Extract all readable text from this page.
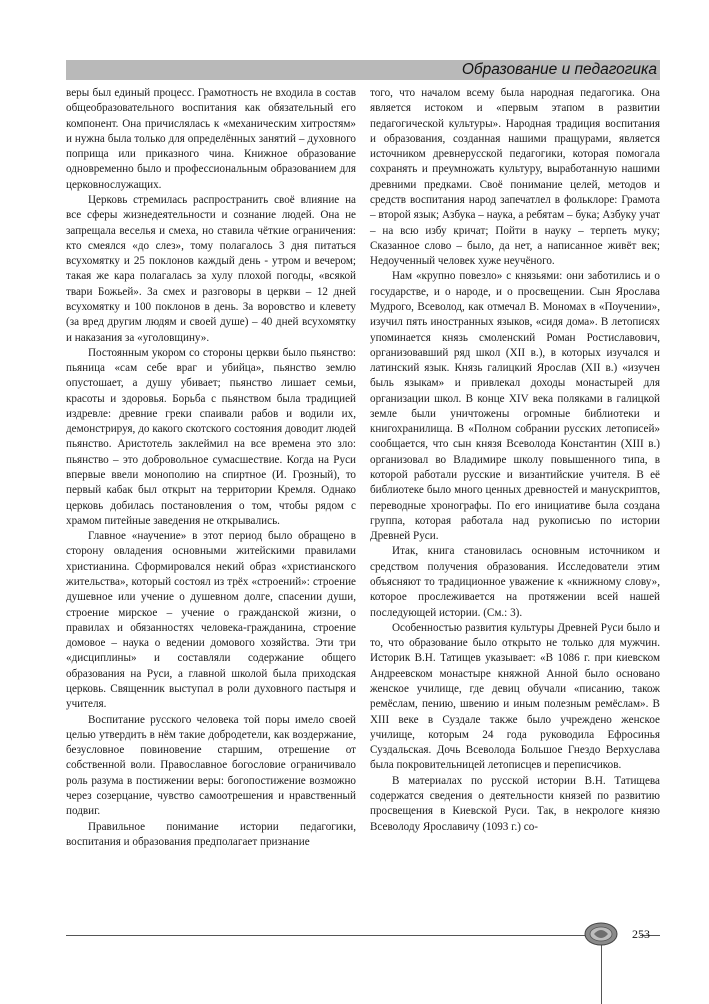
Образование и педагогика

веры был единый процесс. Грамотность не входила в состав общеобразовательного воспитания как обязательный его компонент. Она причислялась к «механическим хитростям» и нужна была только для определённых занятий – духовного поприща или приказного чина. Книжное образование одновременно было и профессиональным образованием для церковнослужащих.

Церковь стремилась распространить своё влияние на все сферы жизнедеятельности и сознание людей. Она не запрещала веселья и смеха, но ставила чёткие ограничения: кто смеялся «до слез», тому полагалось 3 дня питаться всухомятку и 25 поклонов каждый день - утром и вечером; такая же кара полагалась за хулу плохой погоды, «всякой твари Божьей». За смех и разговоры в церкви – 12 дней всухомятку и 100 поклонов в день. За воровство и клевету (за вред другим людям и своей душе) – 40 дней всухомятку и наказания за «уголовщину».

Постоянным укором со стороны церкви было пьянство: пьяница «сам себе враг и убийца», пьянство землю опустошает, а душу убивает; пьянство лишает семьи, красоты и здоровья. Борьба с пьянством была традицией издревле: древние греки спаивали рабов и водили их, демонстрируя, до какого скотского состояния доводит людей пьянство. Аристотель заклеймил на все времена это зло: пьянство – это добровольное сумасшествие. Когда на Руси впервые ввели монополию на спиртное (И. Грозный), то первый кабак был открыт на территории Кремля. Однако церковь добилась постановления о том, чтобы рядом с храмом питейные заведения не открывались.

Главное «научение» в этот период было обращено в сторону овладения основными житейскими правилами христианина. Сформировался некий образ «христианского жительства», который состоял из трёх «строений»: строение душевное или учение о душевном долге, спасении души, строение мирское – учение о гражданской жизни, о правилах и обязанностях человека-гражданина, строение домовое – наука о ведении домового хозяйства. Эти три «дисциплины» и составляли содержание общего образования на Руси, а главной школой была приходская церковь. Священник выступал в роли духовного пастыря и учителя.

Воспитание русского человека той поры имело своей целью утвердить в нём такие добродетели, как воздержание, безусловное повиновение старшим, отрешение от собственной воли. Православное богословие ограничивало роль разума в постижении веры: богопостижение возможно через созерцание, чувство самоотрешения и нравственный подвиг.

Правильное понимание истории педагогики, воспитания и образования предполагает признание

того, что началом всему была народная педагогика. Она является истоком и «первым этапом в развитии педагогической культуры». Народная традиция воспитания и образования, созданная нашими пращурами, является источником древнерусской педагогики, которая помогала сохранять и преумножать культуру, выработанную нашими древними предками. Своё понимание целей, методов и средств воспитания народ запечатлел в фольклоре: Грамота – второй язык; Азбука – наука, а ребятам – бука; Азбуку учат – на всю избу кричат; Пойти в науку – терпеть муку; Сказанное слово – было, да нет, а написанное живёт век; Недоученный человек хуже неучёного.

Нам «крупно повезло» с князьями: они заботились и о государстве, и о народе, и о просвещении. Сын Ярослава Мудрого, Всеволод, как отмечал В. Мономах в «Поучении», изучил пять иностранных языков, «сидя дома». В летописях упоминается князь смоленский Роман Ростиславович, организовавший ряд школ (XII в.), в которых изучался и латинский язык. Князь галицкий Ярослав (XII в.) «изучен быль языкам» и привлекал доходы монастырей для организации школ. В конце XIV века поляками в галицкой земле были уничтожены огромные библиотеки и книгохранилища. В «Полном собрании русских летописей» сообщается, что сын князя Всеволода Константин (XIII в.) организовал во Владимире школу повышенного типа, в которой работали русские и византийские учителя. В её библиотеке было много ценных древностей и манускриптов, переводные хронографы. По его инициативе была создана группа, которая работала над рукописью по истории Древней Руси.

Итак, книга становилась основным источником и средством получения образования. Исследователи этим объясняют то традиционное уважение к «книжному слову», которое прослеживается на протяжении всей нашей последующей истории. (См.: 3).

Особенностью развития культуры Древней Руси было и то, что образование было открыто не только для мужчин. Историк В.Н. Татищев указывает: «В 1086 г. при киевском Андреевском монастыре княжной Анной было основано женское училище, где девиц обучали «писанию, також ремёслам, пению, швению и иным полезным ремёслам». В XIII веке в Суздале также было учреждено женское училище, которым 24 года руководила Ефросинья Суздальская. Дочь Всеволода Большое Гнездо Верхуслава была покровительницей летописцев и переписчиков.

В материалах по русской истории В.Н. Татищева содержатся сведения о деятельности князей по развитию просвещения в Киевской Руси. Так, в некрологе князю Всеволоду Ярославичу (1093 г.) со-

253
